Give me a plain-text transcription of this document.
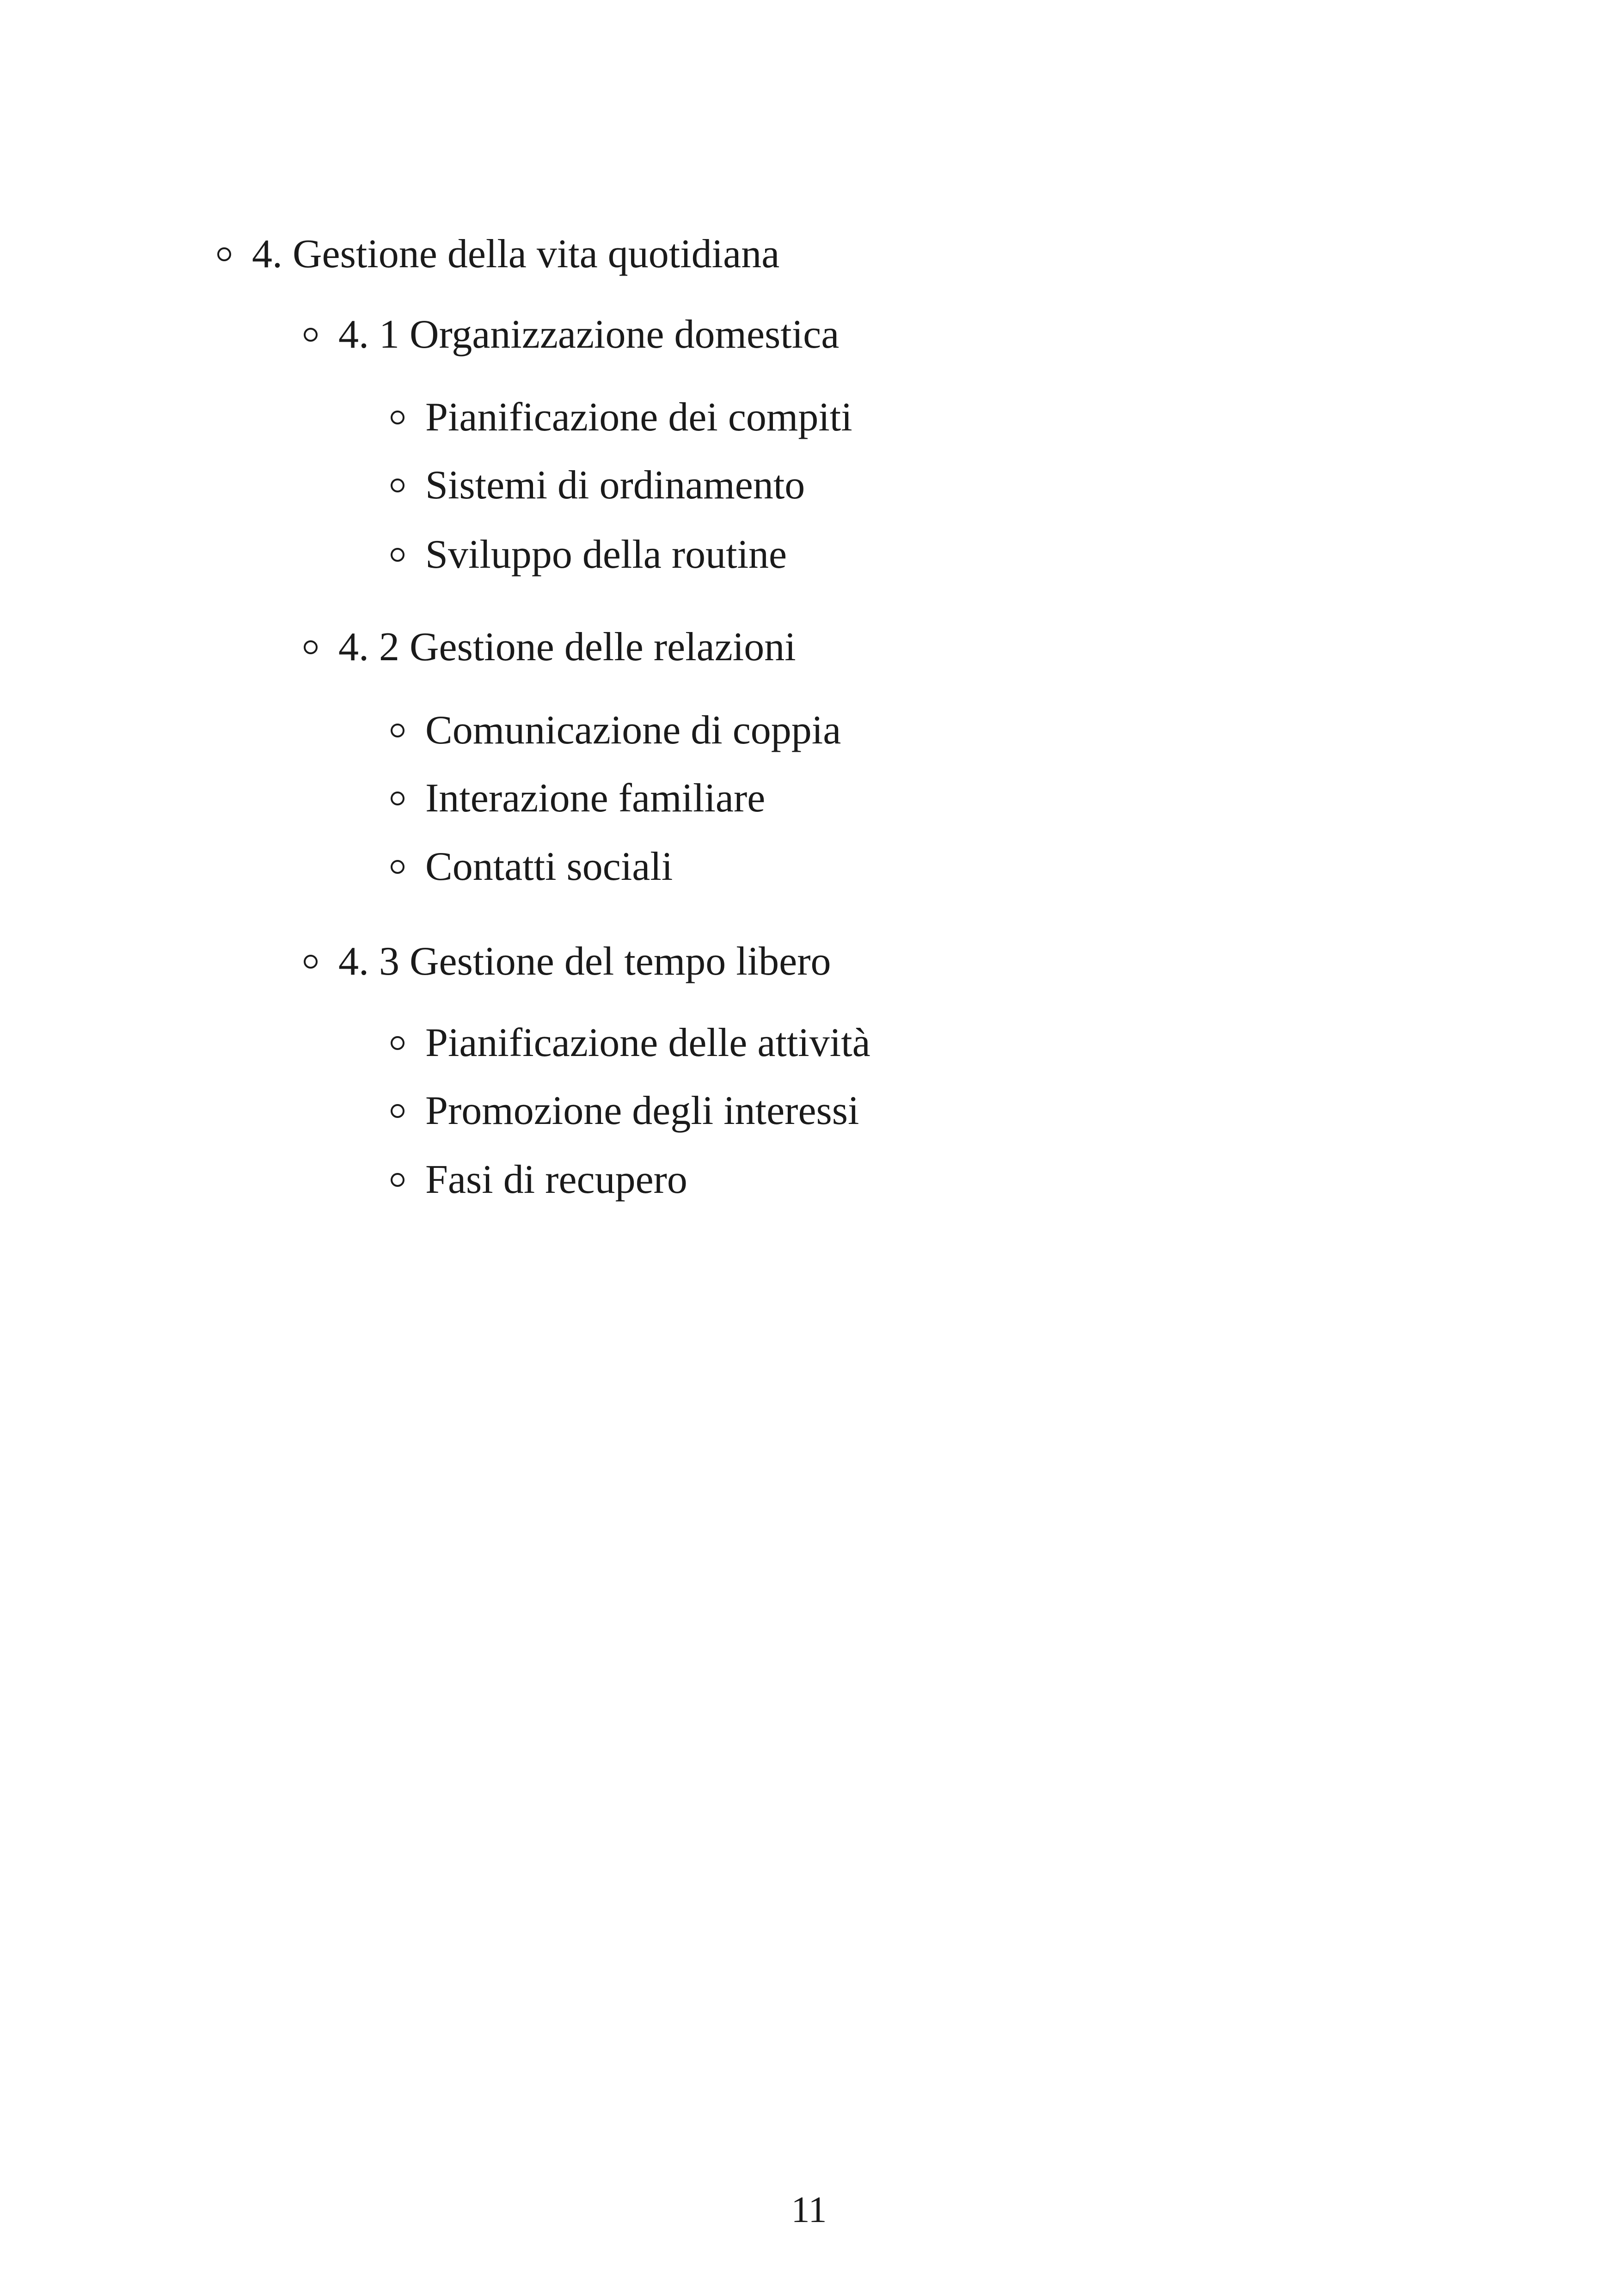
4. Gestione della vita quotidiana
4. 1 Organizzazione domestica
Pianificazione dei compiti
Sistemi di ordinamento
Sviluppo della routine
4. 2 Gestione delle relazioni
Comunicazione di coppia
Interazione familiare
Contatti sociali
4. 3 Gestione del tempo libero
Pianificazione delle attività
Promozione degli interessi
Fasi di recupero
11
